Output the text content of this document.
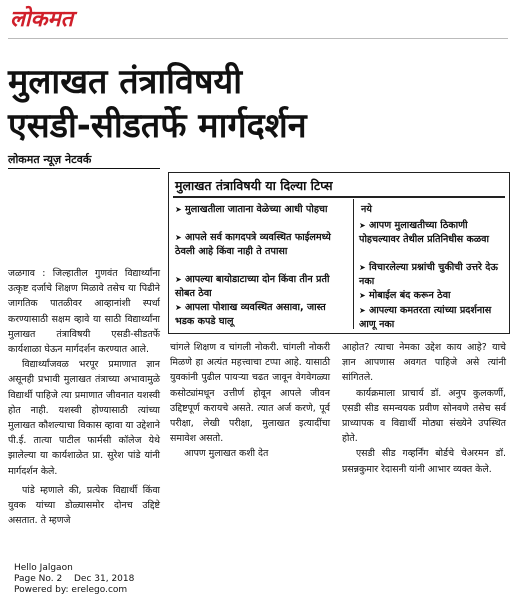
लोकमत
मुलाखत तंत्राविषयी
एसडी-सीडतर्फे मार्गदर्शन
लोकमत न्यूज़ नेटवर्क

जळगाव : जिल्हातील गुणवंत विद्यार्थ्यांना उत्कृष्ट दर्जाचे शिक्षण मिळावे तसेच या पिढीने जागतिक पातळीवर आव्हानांशी स्पर्धा करण्यासाठी सक्षम व्हावे या साठी विद्यार्थ्यांना मुलाखत तंत्राविषयी एसडी-सीडतर्फे कार्यशाळा घेऊन मार्गदर्शन करण्यात आले.

विद्यार्थ्यांजवळ भरपूर प्रमाणात ज्ञान असूनही प्रभावी मुलाखत तंत्राच्या अभावामुळे विद्यार्थी पाहिजे त्या प्रमाणात जीवनात यशस्वी होत नाही. यशस्वी होण्यासाठी त्यांच्या मुलाखत कौशल्याचा विकास व्हावा या उद्देशाने पी.ई. तात्या पाटील फार्मसी कॉलेज येथे झालेल्या या कार्यशाळेत प्रा. सुरेश पांडे यांनी मार्गदर्शन केले.

पांडे म्हणाले की, प्रत्येक विद्यार्थी किंवा युवक यांच्या डोळ्यासमोर दोनच उद्दिष्टे असतात. ते म्हणजे

मुलाखत तंत्राविषयी या दिल्या टिप्स
➤ मुलाखतीला जाताना वेळेच्या आधी पोहचा
➤ आपले सर्व कागदपत्रे व्यवस्थित फाईलमध्ये ठेवली आहे किंवा नाही ते तपासा
➤ आपल्या बायोडाटाच्या दोन किंवा तीन प्रती सोबत ठेवा
➤ आपला पोशाख व्यवस्थित असावा, जास्त भडक कपडे घालू
नये
➤ आपण मुलाखतीच्या ठिकाणी पोहचल्यावर तेथील प्रतिनिधीस कळवा
➤ विचारलेल्या प्रश्नांची चुकीची उत्तरे देऊ नका
➤ मोबाईल बंद करून ठेवा
➤ आपल्या कमतरता त्यांच्या प्रदर्शनास आणू नका

चांगले शिक्षण व चांगली नोकरी. चांगली नोकरी मिळणे हा अत्यंत महत्त्वाचा टप्पा आहे. यासाठी युवकांनी पुढील पायऱ्या चढत जावून वेगवेगळ्या कसोट्यांमधून उत्तीर्ण होवून आपले जीवन उद्दिष्टपूर्ण करायचे असते. त्यात अर्ज करणे, पूर्व परीक्षा, लेखी परीक्षा, मुलाखत इत्यादींचा समावेश असतो.

आपण मुलाखत कशी देत

आहोत? त्याचा नेमका उद्देश काय आहे? याचे ज्ञान आपणास अवगत पाहिजे असे त्यांनी सांगितले.

कार्यक्रमाला प्राचार्य डॉ. अनुप कुलकर्णी, एसडी सीड समन्वयक प्रवीण सोनवणे तसेच सर्व प्राध्यापक व विद्यार्थी मोठ्या संख्येने उपस्थित होते.

एसडी सीड गव्हर्निंग बोर्डचे चेअरमन डॉ. प्रसन्नकुमार रेदासनी यांनी आभार व्यक्त केले.

Hello Jalgaon
Page No. 2 Dec 31, 2018
Powered by: erelego.com
